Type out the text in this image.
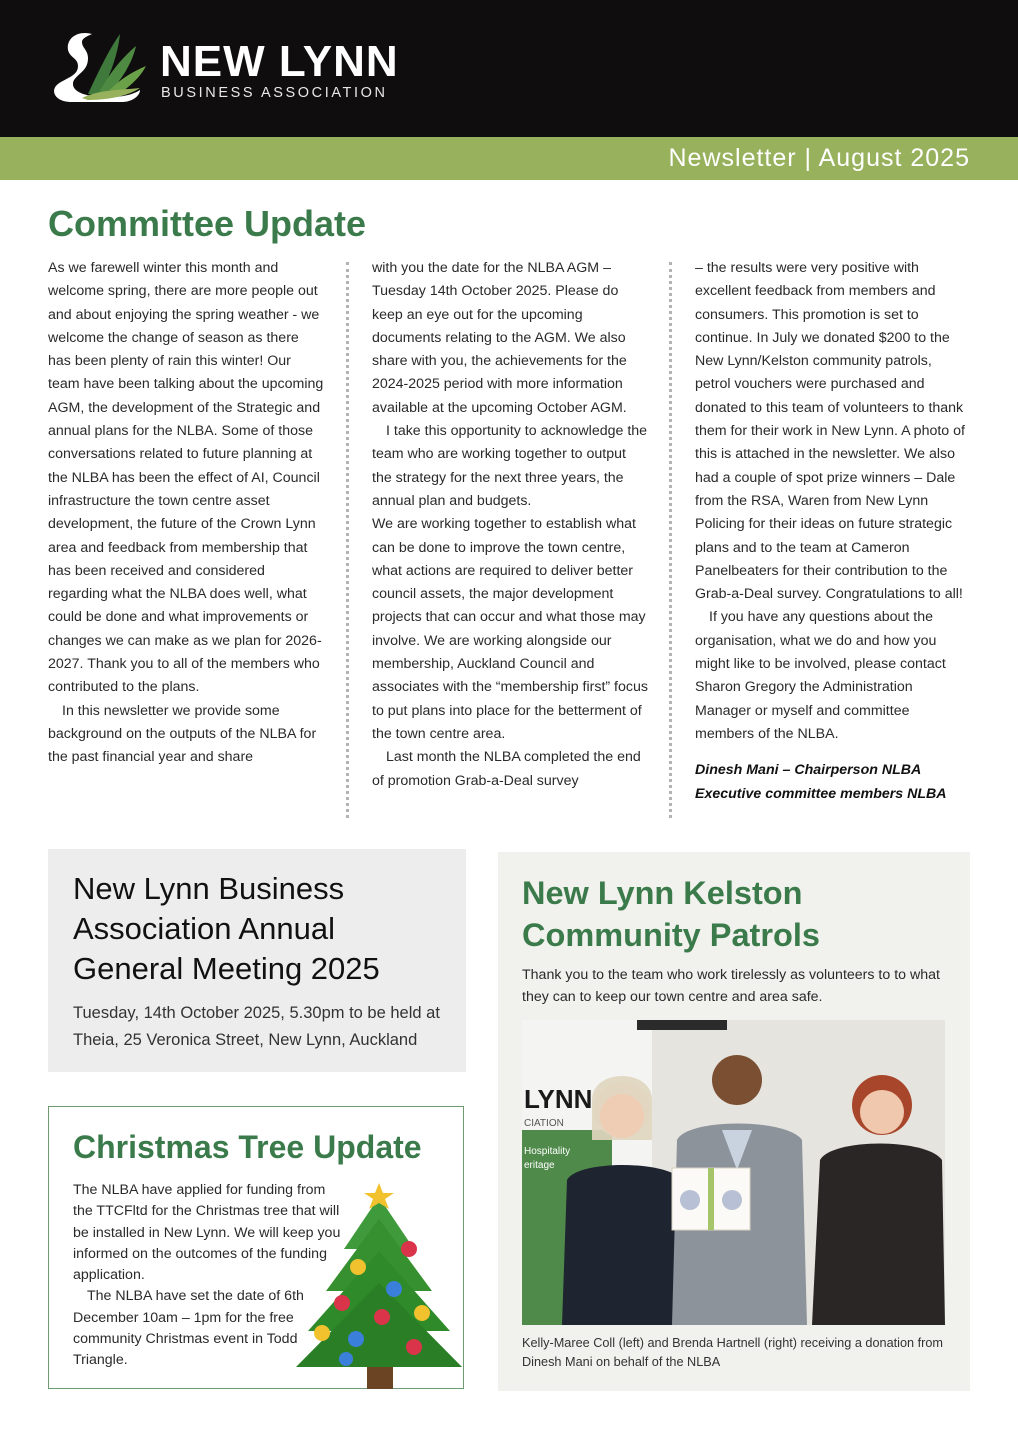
NEW LYNN
BUSINESS ASSOCIATION
Newsletter | August 2025
Committee Update

As we farewell winter this month and welcome spring, there are more people out and about enjoying the spring weather - we welcome the change of season as there has been plenty of rain this winter! Our team have been talking about the upcoming AGM, the development of the Strategic and annual plans for the NLBA. Some of those conversations related to future planning at the NLBA has been the effect of AI, Council infrastructure the town centre asset development, the future of the Crown Lynn area and feedback from membership that has been received and considered regarding what the NLBA does well, what could be done and what improvements or changes we can make as we plan for 2026- 2027. Thank you to all of the members who contributed to the plans.

In this newsletter we provide some background on the outputs of the NLBA for the past financial year and share

with you the date for the NLBA AGM – Tuesday 14th October 2025. Please do keep an eye out for the upcoming documents relating to the AGM. We also share with you, the achievements for the 2024-2025 period with more information available at the upcoming October AGM.

I take this opportunity to acknowledge the team who are working together to output the strategy for the next three years, the annual plan and budgets.

We are working together to establish what can be done to improve the town centre, what actions are required to deliver better council assets, the major development projects that can occur and what those may involve. We are working alongside our membership, Auckland Council and associates with the “membership first” focus to put plans into place for the betterment of the town centre area.

Last month the NLBA completed the end of promotion Grab-a-Deal survey

– the results were very positive with excellent feedback from members and consumers. This promotion is set to continue. In July we donated $200 to the New Lynn/Kelston community patrols, petrol vouchers were purchased and donated to this team of volunteers to thank them for their work in New Lynn. A photo of this is attached in the newsletter. We also had a couple of spot prize winners – Dale from the RSA, Waren from New Lynn Policing for their ideas on future strategic plans and to the team at Cameron Panelbeaters for their contribution to the Grab-a-Deal survey. Congratulations to all!

If you have any questions about the organisation, what we do and how you might like to be involved, please contact Sharon Gregory the Administration Manager or myself and committee members of the NLBA.

Dinesh Mani – Chairperson NLBA
Executive committee members NLBA

New Lynn Business Association Annual General Meeting 2025
Tuesday, 14th October 2025, 5.30pm to be held at Theia, 25 Veronica Street, New Lynn, Auckland
Christmas Tree Update

The NLBA have applied for funding from the TTCFltd for the Christmas tree that will be installed in New Lynn. We will keep you informed on the outcomes of the funding application.

The NLBA have set the date of 6th December 10am – 1pm for the free community Christmas event in Todd Triangle.

New Lynn Kelston
Community Patrols
Thank you to the team who work tirelessly as volunteers to to what they can to keep our town centre and area safe.
LYNN
CIATION
Hospitality
eritage
Kelly-Maree Coll (left) and Brenda Hartnell (right) receiving a donation from Dinesh Mani on behalf of the NLBA
